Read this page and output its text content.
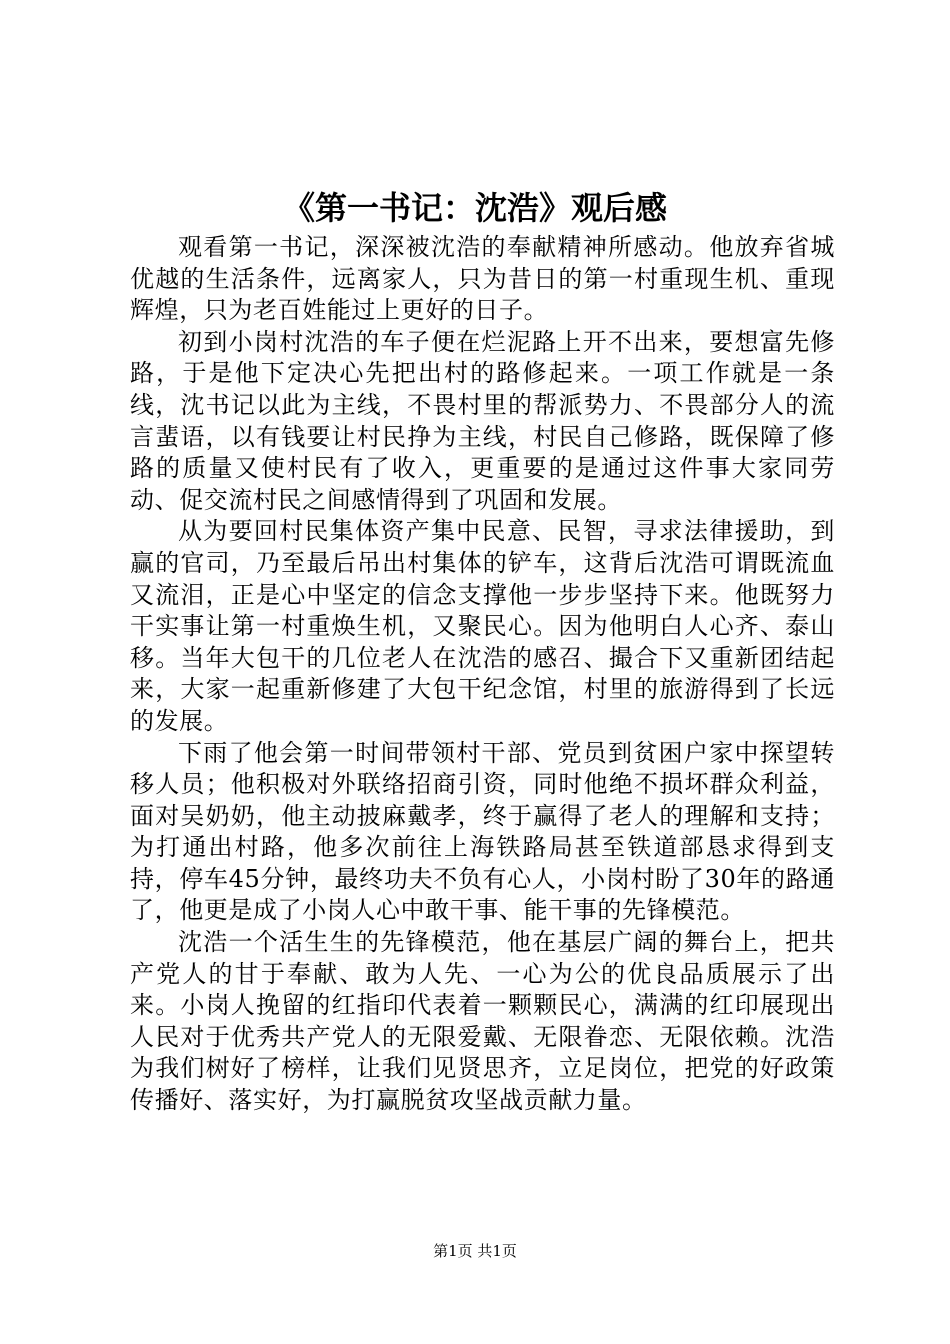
《第一书记：沈浩》观后感

观看第一书记，深深被沈浩的奉献精神所感动。他放弃省城优越的生活条件，远离家人，只为昔日的第一村重现生机、重现辉煌，只为老百姓能过上更好的日子。

初到小岗村沈浩的车子便在烂泥路上开不出来，要想富先修路，于是他下定决心先把出村的路修起来。一项工作就是一条线，沈书记以此为主线，不畏村里的帮派势力、不畏部分人的流言蜚语，以有钱要让村民挣为主线，村民自己修路，既保障了修路的质量又使村民有了收入，更重要的是通过这件事大家同劳动、促交流村民之间感情得到了巩固和发展。

从为要回村民集体资产集中民意、民智，寻求法律援助，到赢的官司，乃至最后吊出村集体的铲车，这背后沈浩可谓既流血又流泪，正是心中坚定的信念支撑他一步步坚持下来。他既努力干实事让第一村重焕生机，又聚民心。因为他明白人心齐、泰山移。当年大包干的几位老人在沈浩的感召、撮合下又重新团结起来，大家一起重新修建了大包干纪念馆，村里的旅游得到了长远的发展。

下雨了他会第一时间带领村干部、党员到贫困户家中探望转移人员；他积极对外联络招商引资，同时他绝不损坏群众利益，面对吴奶奶，他主动披麻戴孝，终于赢得了老人的理解和支持；为打通出村路，他多次前往上海铁路局甚至铁道部恳求得到支持，停车45分钟，最终功夫不负有心人，小岗村盼了30年的路通了，他更是成了小岗人心中敢干事、能干事的先锋模范。

沈浩一个活生生的先锋模范，他在基层广阔的舞台上，把共产党人的甘于奉献、敢为人先、一心为公的优良品质展示了出来。小岗人挽留的红指印代表着一颗颗民心，满满的红印展现出人民对于优秀共产党人的无限爱戴、无限眷恋、无限依赖。沈浩为我们树好了榜样，让我们见贤思齐，立足岗位，把党的好政策传播好、落实好，为打赢脱贫攻坚战贡献力量。

第1页 共1页
